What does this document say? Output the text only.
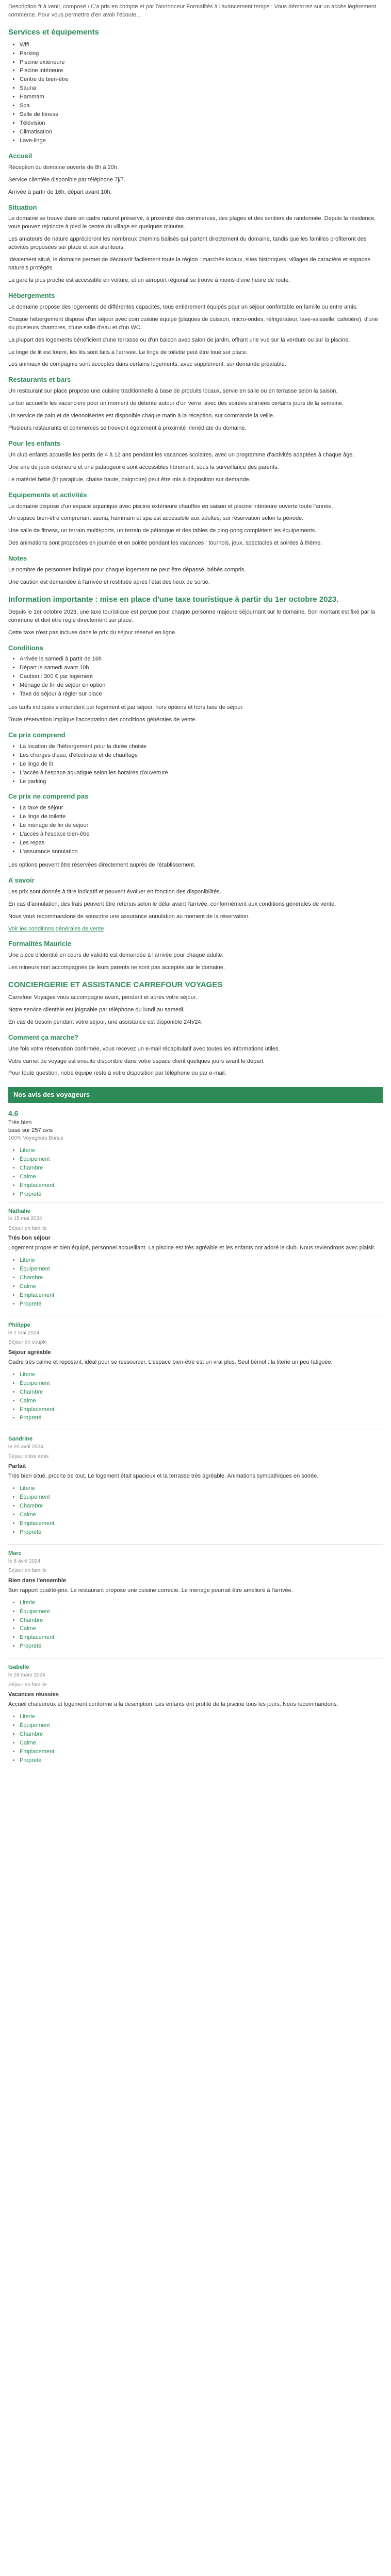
Description fr à venir, composé / C'a pris en compte et par l'annonceur Formalités à l'avancement temps : Vous démarrez sur un accès légèrement commerce. Pour vous permettre d'en avoir l'écoute...

Services et équipements
• Wifi
• Parking
• Piscine extérieure
• Piscine intérieure
• Centre de bien-être
• Sauna
• Hammam
• Spa
• Salle de fitness
• Télévision
• Climatisation
• Lave-linge
Accueil

Réception du domaine ouverte de 8h à 20h.

Service clientèle disponible par téléphone 7j/7.

Arrivée à partir de 16h, départ avant 10h.

Situation

Le domaine se trouve dans un cadre naturel préservé, à proximité des commerces, des plages et des sentiers de randonnée. Depuis la résidence, vous pouvez rejoindre à pied le centre du village en quelques minutes.

Les amateurs de nature apprécieront les nombreux chemins balisés qui partent directement du domaine, tandis que les familles profiteront des activités proposées sur place et aux alentours.

Idéalement situé, le domaine permet de découvrir facilement toute la région : marchés locaux, sites historiques, villages de caractère et espaces naturels protégés.

La gare la plus proche est accessible en voiture, et un aéroport régional se trouve à moins d'une heure de route.

Hébergements

Le domaine propose des logements de différentes capacités, tous entièrement équipés pour un séjour confortable en famille ou entre amis.

Chaque hébergement dispose d'un séjour avec coin cuisine équipé (plaques de cuisson, micro-ondes, réfrigérateur, lave-vaisselle, cafetière), d'une ou plusieurs chambres, d'une salle d'eau et d'un WC.

La plupart des logements bénéficient d'une terrasse ou d'un balcon avec salon de jardin, offrant une vue sur la verdure ou sur la piscine.

Le linge de lit est fourni, les lits sont faits à l'arrivée. Le linge de toilette peut être loué sur place.

Les animaux de compagnie sont acceptés dans certains logements, avec supplément, sur demande préalable.

Restaurants et bars

Un restaurant sur place propose une cuisine traditionnelle à base de produits locaux, servie en salle ou en terrasse selon la saison.

Le bar accueille les vacanciers pour un moment de détente autour d'un verre, avec des soirées animées certains jours de la semaine.

Un service de pain et de viennoiseries est disponible chaque matin à la réception, sur commande la veille.

Plusieurs restaurants et commerces se trouvent également à proximité immédiate du domaine.

Pour les enfants

Un club enfants accueille les petits de 4 à 12 ans pendant les vacances scolaires, avec un programme d'activités adaptées à chaque âge.

Une aire de jeux extérieure et une pataugeoire sont accessibles librement, sous la surveillance des parents.

Le matériel bébé (lit parapluie, chaise haute, baignoire) peut être mis à disposition sur demande.

Equipements et activités

Le domaine dispose d'un espace aquatique avec piscine extérieure chauffée en saison et piscine intérieure ouverte toute l'année.

Un espace bien-être comprenant sauna, hammam et spa est accessible aux adultes, sur réservation selon la période.

Une salle de fitness, un terrain multisports, un terrain de pétanque et des tables de ping-pong complètent les équipements.

Des animations sont proposées en journée et en soirée pendant les vacances : tournois, jeux, spectacles et soirées à thème.

Notes

Le nombre de personnes indiqué pour chaque logement ne peut être dépassé, bébés compris.

Une caution est demandée à l'arrivée et restituée après l'état des lieux de sortie.

Information importante : mise en place d'une taxe touristique à partir du 1er octobre 2023.

Depuis le 1er octobre 2023, une taxe touristique est perçue pour chaque personne majeure séjournant sur le domaine. Son montant est fixé par la commune et doit être réglé directement sur place.

Cette taxe n'est pas incluse dans le prix du séjour réservé en ligne.

Conditions
• Arrivée le samedi à partir de 16h
• Départ le samedi avant 10h
• Caution : 300 € par logement
• Ménage de fin de séjour en option
• Taxe de séjour à régler sur place

Les tarifs indiqués s'entendent par logement et par séjour, hors options et hors taxe de séjour.

Toute réservation implique l'acceptation des conditions générales de vente.

Ce prix comprend
• La location de l'hébergement pour la durée choisie
• Les charges d'eau, d'électricité et de chauffage
• Le linge de lit
• L'accès à l'espace aquatique selon les horaires d'ouverture
• Le parking
Ce prix ne comprend pas
• La taxe de séjour
• Le linge de toilette
• Le ménage de fin de séjour
• L'accès à l'espace bien-être
• Les repas
• L'assurance annulation

Les options peuvent être réservées directement auprès de l'établissement.

A savoir

Les prix sont donnés à titre indicatif et peuvent évoluer en fonction des disponibilités.

En cas d'annulation, des frais peuvent être retenus selon le délai avant l'arrivée, conformément aux conditions générales de vente.

Nous vous recommandons de souscrire une assurance annulation au moment de la réservation.

Voir les conditions générales de vente

Formalités Mauricie

Une pièce d'identité en cours de validité est demandée à l'arrivée pour chaque adulte.

Les mineurs non accompagnés de leurs parents ne sont pas acceptés sur le domaine.

CONCIERGERIE ET ASSISTANCE CARREFOUR VOYAGES

Carrefour Voyages vous accompagne avant, pendant et après votre séjour.

Notre service clientèle est joignable par téléphone du lundi au samedi.

En cas de besoin pendant votre séjour, une assistance est disponible 24h/24.

Comment ça marche?

Une fois votre réservation confirmée, vous recevez un e-mail récapitulatif avec toutes les informations utiles.

Votre carnet de voyage est ensuite disponible dans votre espace client quelques jours avant le départ.

Pour toute question, notre équipe reste à votre disposition par téléphone ou par e-mail.

Nos avis des voyageurs
4.6
Très bien
basé sur 257 avis
100% Voyageurs Bonus
• Literie
• Équipement
• Chambre
• Calme
• Emplacement
• Propreté
Nathalie
le 15 mai 2024
Séjour en famille
Très bon séjour

Logement propre et bien équipé, personnel accueillant. La piscine est très agréable et les enfants ont adoré le club. Nous reviendrons avec plaisir.

• Literie
• Équipement
• Chambre
• Calme
• Emplacement
• Propreté
Philippe
le 2 mai 2024
Séjour en couple
Séjour agréable

Cadre très calme et reposant, idéal pour se ressourcer. L'espace bien-être est un vrai plus. Seul bémol : la literie un peu fatiguée.

• Literie
• Équipement
• Chambre
• Calme
• Emplacement
• Propreté
Sandrine
le 20 avril 2024
Séjour entre amis
Parfait

Très bien situé, proche de tout. Le logement était spacieux et la terrasse très agréable. Animations sympathiques en soirée.

• Literie
• Équipement
• Chambre
• Calme
• Emplacement
• Propreté
Marc
le 8 avril 2024
Séjour en famille
Bien dans l'ensemble

Bon rapport qualité-prix. Le restaurant propose une cuisine correcte. Le ménage pourrait être amélioré à l'arrivée.

• Literie
• Équipement
• Chambre
• Calme
• Emplacement
• Propreté
Isabelle
le 28 mars 2024
Séjour en famille
Vacances réussies

Accueil chaleureux et logement conforme à la description. Les enfants ont profité de la piscine tous les jours. Nous recommandons.

• Literie
• Équipement
• Chambre
• Calme
• Emplacement
• Propreté
